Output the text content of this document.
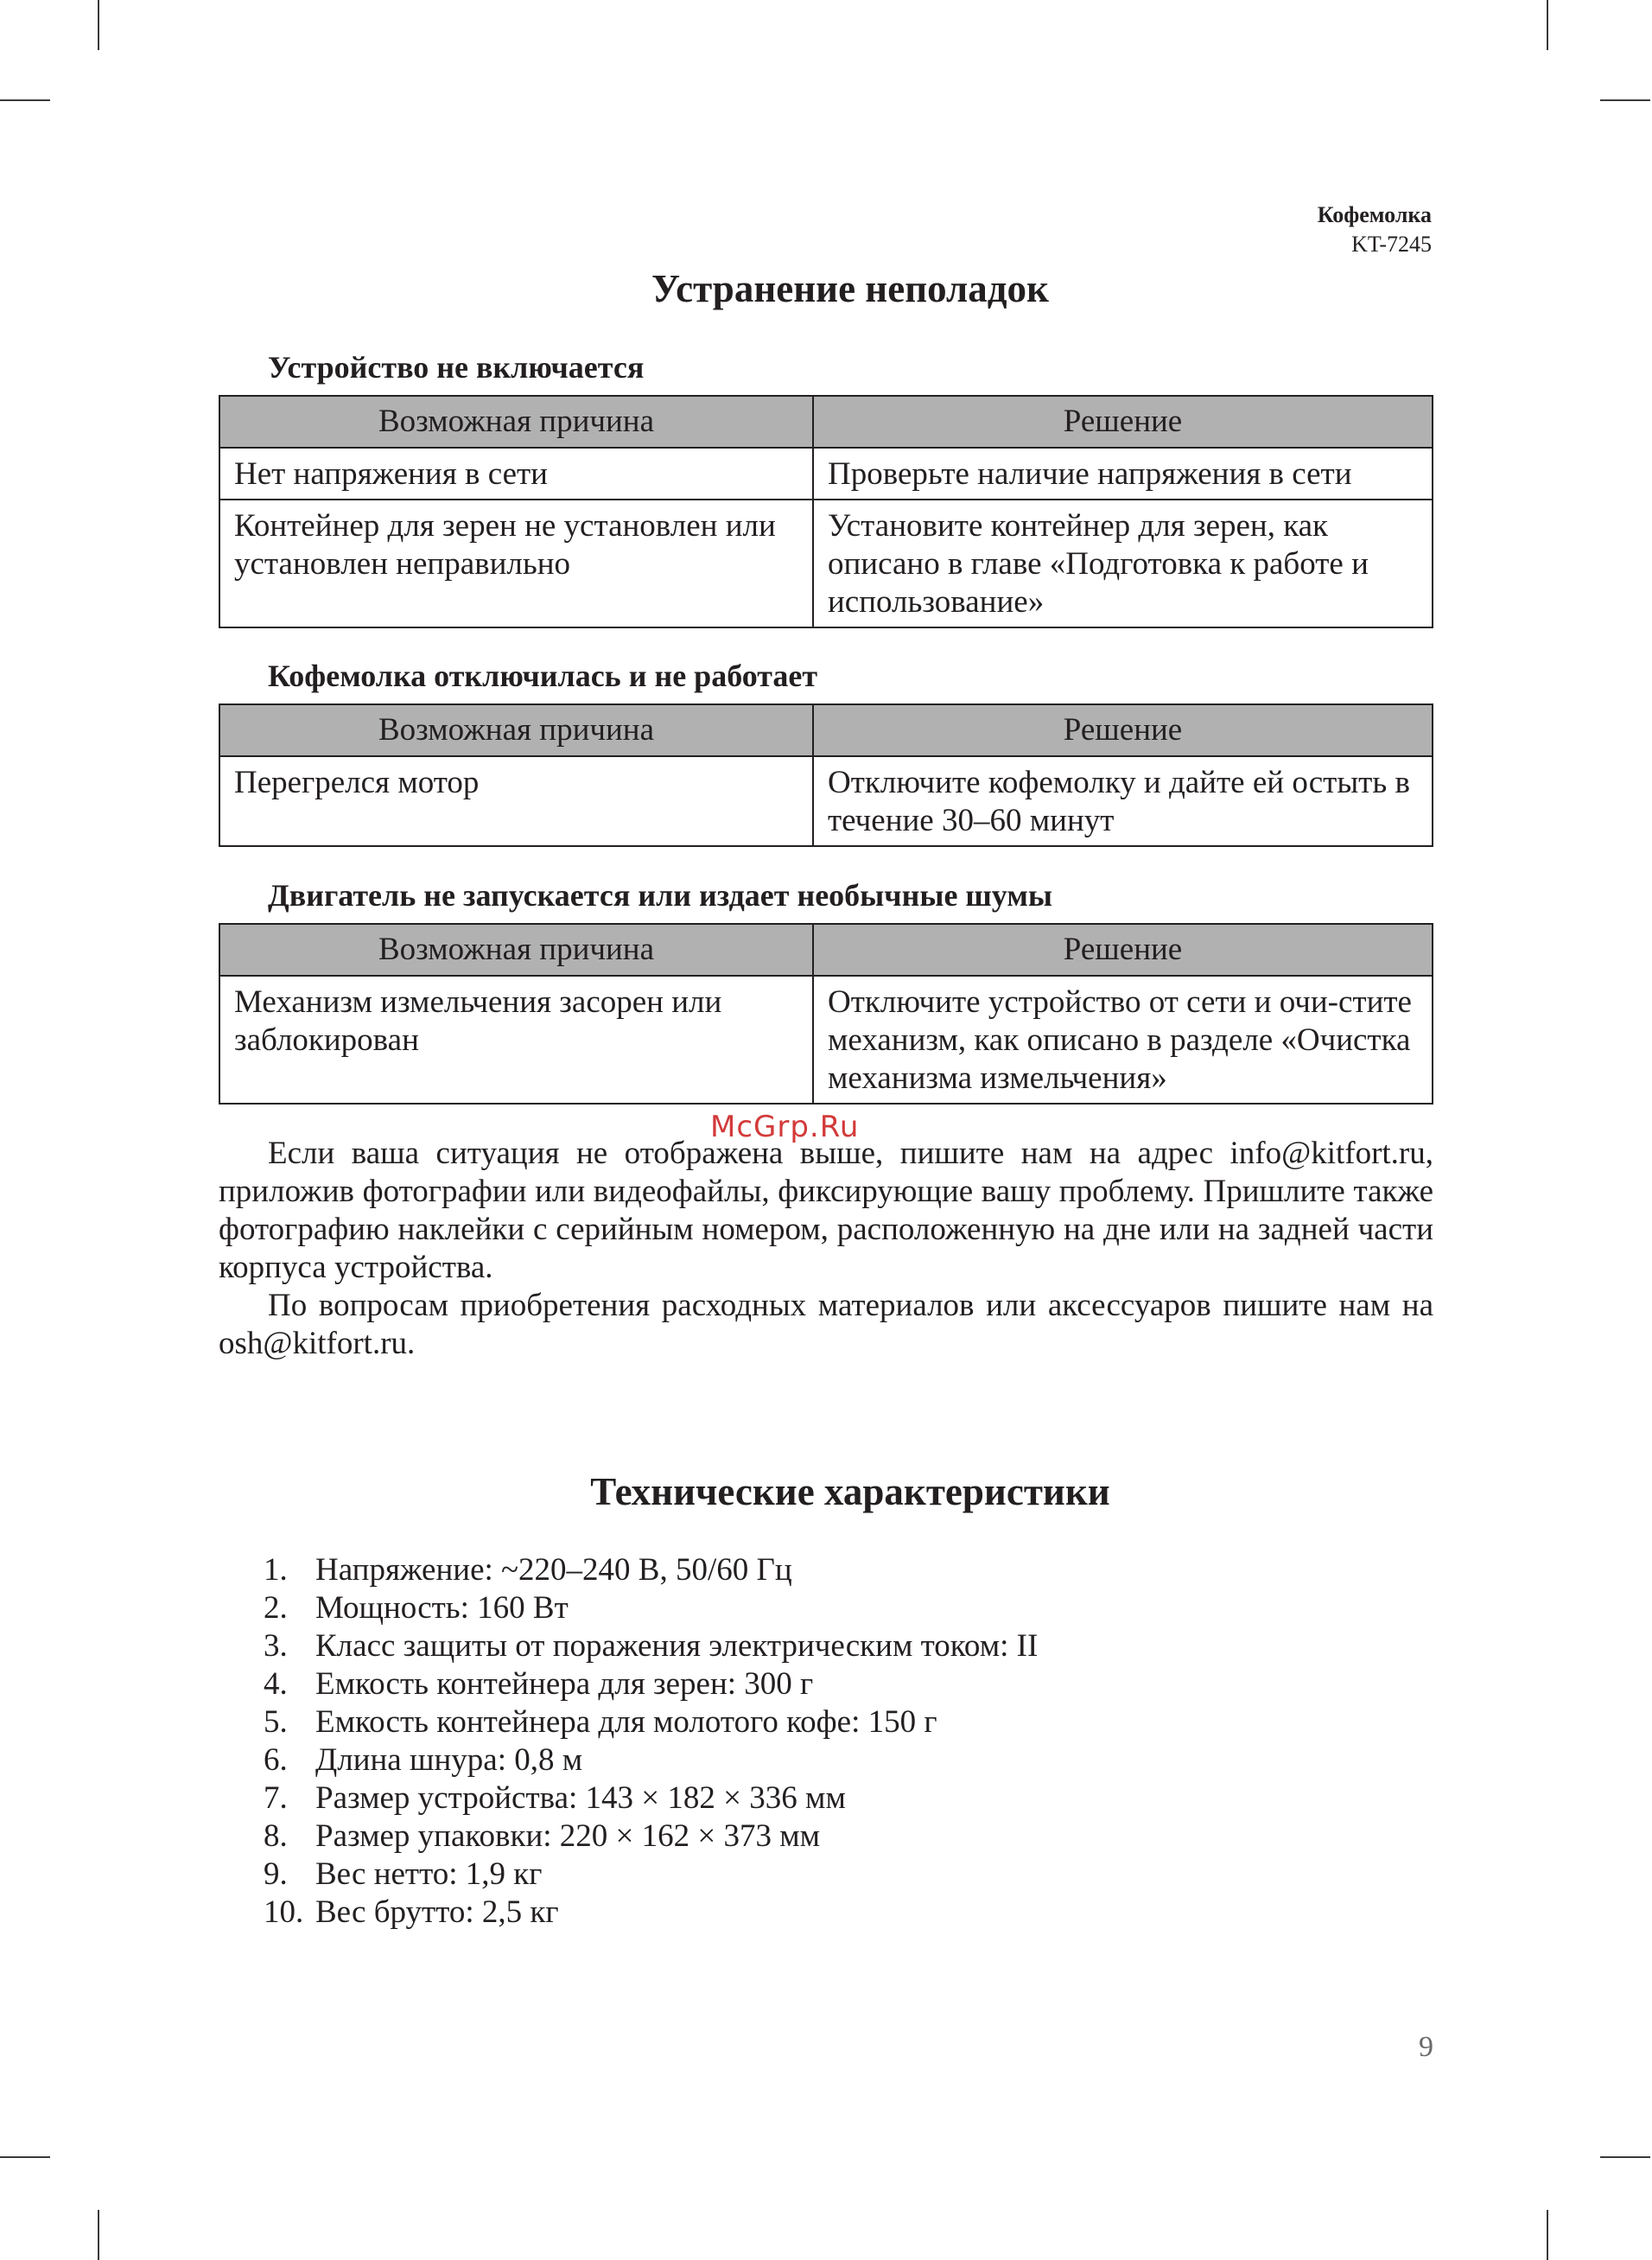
Кофемолка
KT-7245
Устранение неполадок
Устройство не включается
Возможная причина	Решение
Нет напряжения в сети	Проверьте наличие напряжения в сети
Контейнер для зерен не установлен или установлен неправильно	Установите контейнер для зерен, как описано в главе «Подготовка к работе и использование»
Кофемолка отключилась и не работает
Возможная причина	Решение
Перегрелся мотор	Отключите кофемолку и дайте ей остыть в течение 30–60 минут
Двигатель не запускается или издает необычные шумы
Возможная причина	Решение
Механизм измельчения засорен или заблокирован	Отключите устройство от сети и очи-стите механизм, как описано в разделе «Очистка механизма измельчения»
McGrp.Ru

Если ваша ситуация не отображена выше, пишите нам на адрес info@kitfort.ru, приложив фотографии или видеофайлы, фиксирующие вашу проблему. Пришлите также фотографию наклейки с серийным номером, расположенную на дне или на задней части корпуса устройства.

По вопросам приобретения расходных материалов или аксессуаров пишите нам на osh@kitfort.ru.

Технические характеристики
1. Напряжение: ~220–240 В, 50/60 Гц
2. Мощность: 160 Вт
3. Класс защиты от поражения электрическим током: II
4. Емкость контейнера для зерен: 300 г
5. Емкость контейнера для молотого кофе: 150 г
6. Длина шнура: 0,8 м
7. Размер устройства: 143 × 182 × 336 мм
8. Размер упаковки: 220 × 162 × 373 мм
9. Вес нетто: 1,9 кг
10. Вес брутто: 2,5 кг
9
